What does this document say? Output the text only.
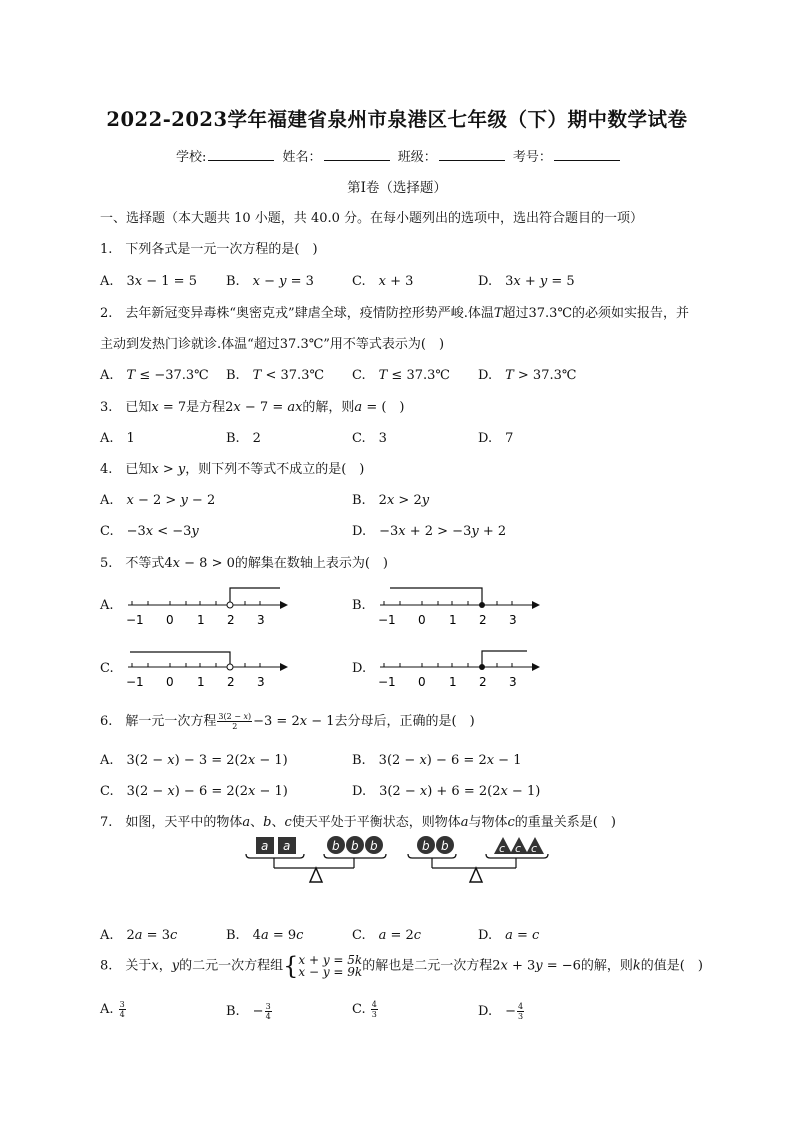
2022-2023学年福建省泉州市泉港区七年级（下）期中数学试卷
学校:	姓名：	班级：	考号：
第I卷（选择题）
一、选择题（本大题共 10 小题，共 40.0 分。在每小题列出的选项中，选出符合题目的一项）
1.　下列各式是一元一次方程的是(　)
A.　3𝑥 − 1 = 5 B.　𝑥 − 𝑦 = 3	C.　𝑥 + 3	D.　3𝑥 + 𝑦 = 5
2.　去年新冠变异毒株“奥密克戎”肆虐全球，疫情防控形势严峻.体温𝑇超过37.3℃的必须如实报告，并
主动到发热门诊就诊.体温“超过37.3℃”用不等式表示为(　)
A.　𝑇 ≤ −37.3℃ B.　𝑇 < 37.3℃ C.　𝑇 ≤ 37.3℃ D.　𝑇 > 37.3℃
3.　已知𝑥 = 7是方程2𝑥 − 7 = 𝑎𝑥的解，则𝑎 = (　)
A.　1	B.　2	C.　3	D.　7
4.　已知𝑥 > 𝑦，则下列不等式不成立的是(　)
A.　𝑥 − 2 > 𝑦 − 2	B.　2𝑥 > 2𝑦
C.　−3𝑥 < −3𝑦	D.　−3𝑥 + 2 > −3𝑦 + 2
5.　不等式4𝑥 − 8 > 0的解集在数轴上表示为(　)
A.	B.
C.	D.
−1 0 1 2 3	−1 0 1 2 3
−1 0 1 2 3	−1 0 1 2 3
6.　解一元一次方程 $\frac{\text{3(2 − 𝑥)}}{2} -3$ = 2𝑥 − 1去分母后，正确的是(　)
A.　3(2 − 𝑥) − 3 = 2(2𝑥 − 1)	B.　3(2 − 𝑥) − 6 = 2𝑥 − 1
C.　3(2 − 𝑥) − 6 = 2(2𝑥 − 1)	D.　3(2 − 𝑥) + 6 = 2(2𝑥 − 1)
7.　如图，天平中的物体𝑎、𝑏、𝑐使天平处于平衡状态，则物体𝑎与物体𝑐的重量关系是(　)
a a	b b b	b b	c c c
A.　2𝑎 = 3𝑐	B.　4𝑎 = 9𝑐	C.　𝑎 = 2𝑐	D.　𝑎 = 𝑐
8.　关于𝑥，𝑦的二元一次方程组{ 𝑥 + 𝑦 = 5𝑘
𝑥 − 𝑦 = 9𝑘 的解也是二元一次方程2𝑥 + 3𝑦 = −6的解，则𝑘的值是(　)
A. $\frac{3}{4}$	B.　− $\frac{3}{4}$	C. $\frac{4}{3}$	D.　− $\frac{4}{3}$
